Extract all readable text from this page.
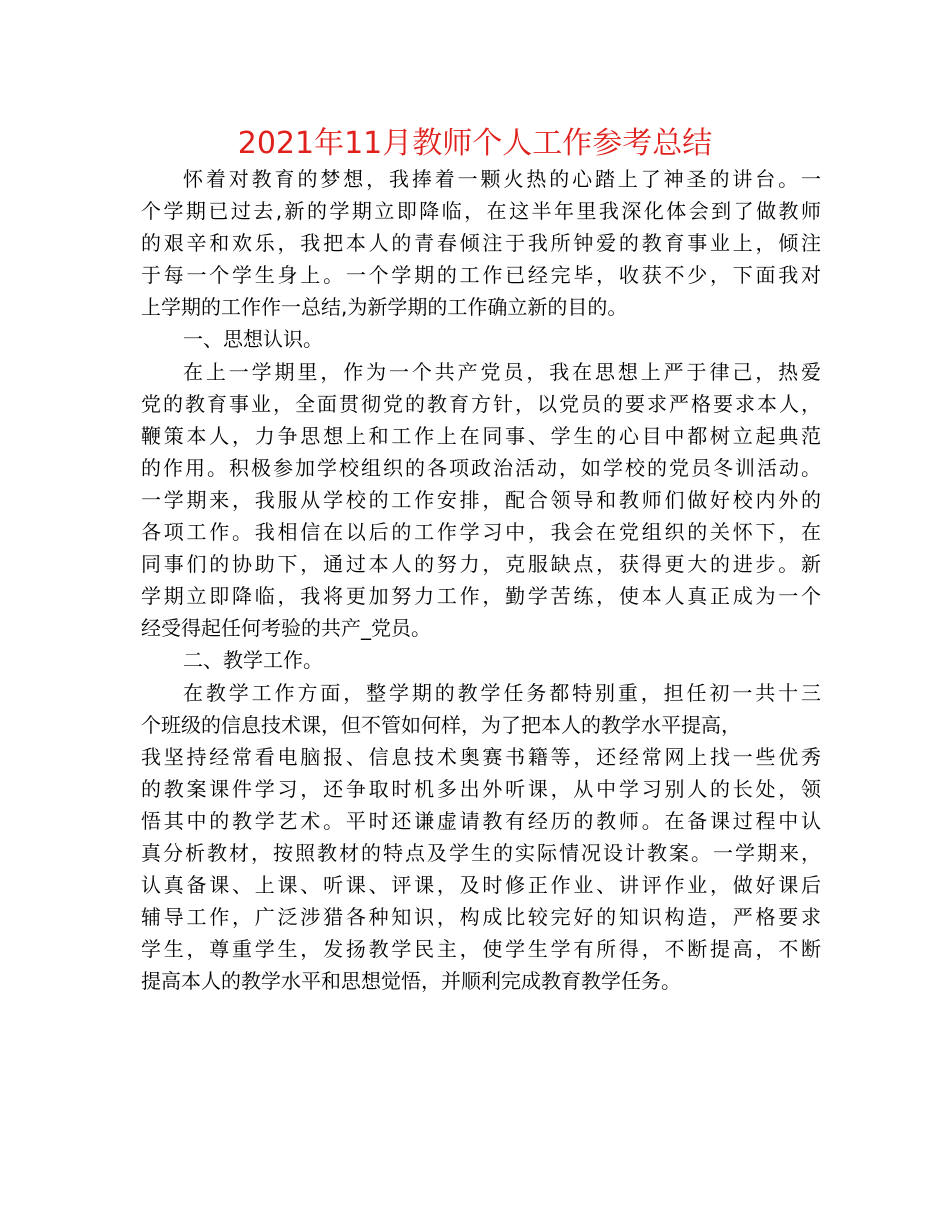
2021年11月教师个人工作参考总结
怀着对教育的梦想，我捧着一颗火热的心踏上了神圣的讲台。一
个学期已过去,新的学期立即降临，在这半年里我深化体会到了做教师
的艰辛和欢乐，我把本人的青春倾注于我所钟爱的教育事业上，倾注
于每一个学生身上。一个学期的工作已经完毕，收获不少，下面我对
上学期的工作作一总结,为新学期的工作确立新的目的。
一、思想认识。
在上一学期里，作为一个共产党员，我在思想上严于律己，热爱
党的教育事业，全面贯彻党的教育方针，以党员的要求严格要求本人，
鞭策本人，力争思想上和工作上在同事、学生的心目中都树立起典范
的作用。积极参加学校组织的各项政治活动，如学校的党员冬训活动。
一学期来，我服从学校的工作安排，配合领导和教师们做好校内外的
各项工作。我相信在以后的工作学习中，我会在党组织的关怀下，在
同事们的协助下，通过本人的努力，克服缺点，获得更大的进步。新
学期立即降临，我将更加努力工作，勤学苦练，使本人真正成为一个
经受得起任何考验的共产_党员。
二、教学工作。
在教学工作方面，整学期的教学任务都特别重，担任初一共十三
个班级的信息技术课，但不管如何样，为了把本人的教学水平提高，
我坚持经常看电脑报、信息技术奥赛书籍等，还经常网上找一些优秀
的教案课件学习，还争取时机多出外听课，从中学习别人的长处，领
悟其中的教学艺术。平时还谦虚请教有经历的教师。在备课过程中认
真分析教材，按照教材的特点及学生的实际情况设计教案。一学期来，
认真备课、上课、听课、评课，及时修正作业、讲评作业，做好课后
辅导工作，广泛涉猎各种知识，构成比较完好的知识构造，严格要求
学生，尊重学生，发扬教学民主，使学生学有所得，不断提高，不断
提高本人的教学水平和思想觉悟，并顺利完成教育教学任务。
